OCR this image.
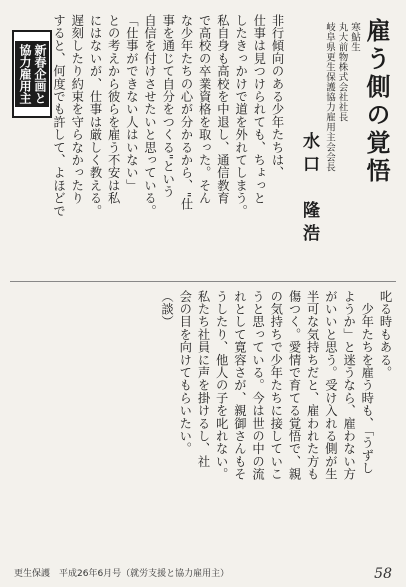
雇う側の覚悟
寒鮎生
丸大前物株式会社社長
岐阜県更生保護協力雇用主会会長
水口　隆浩
非行傾向のある少年たちは、
仕事は見つけられても、ちょっと
したきっかけで道を外れてしまう。
私自身も高校を中退し、通信教育
で高校の卒業資格を取った。そん
な少年たちの心が分かるから、"仕
事を通じて自分をつくる"という
自信を付けさせたいと思っている。
「仕事ができない人はいない」
との考えから彼らを雇う不安は私
にはないが、仕事は厳しく教える。
遅刻したり約束を守らなかったり
すると、何度でも許して、よほどで
新春企画と
協力雇用主
叱る時もある。
　少年たちを雇う時も、「うずし
ようか」と迷うなら、雇わない方
がいいと思う。受け入れる側が生
半可な気持ちだと、雇われた方も
傷つく。愛情で育てる覚悟で、親
の気持ちで少年たちに接していこ
うと思っている。今は世の中の流
れとして寛容さが、親御さんもそ
うしたり、他人の子を叱れない。
私たち社員に声を掛けるし、社
会の目を向けてもらいたい。
（談）
更生保護　平成26年6月号（就労支援と協力雇用主）	58
